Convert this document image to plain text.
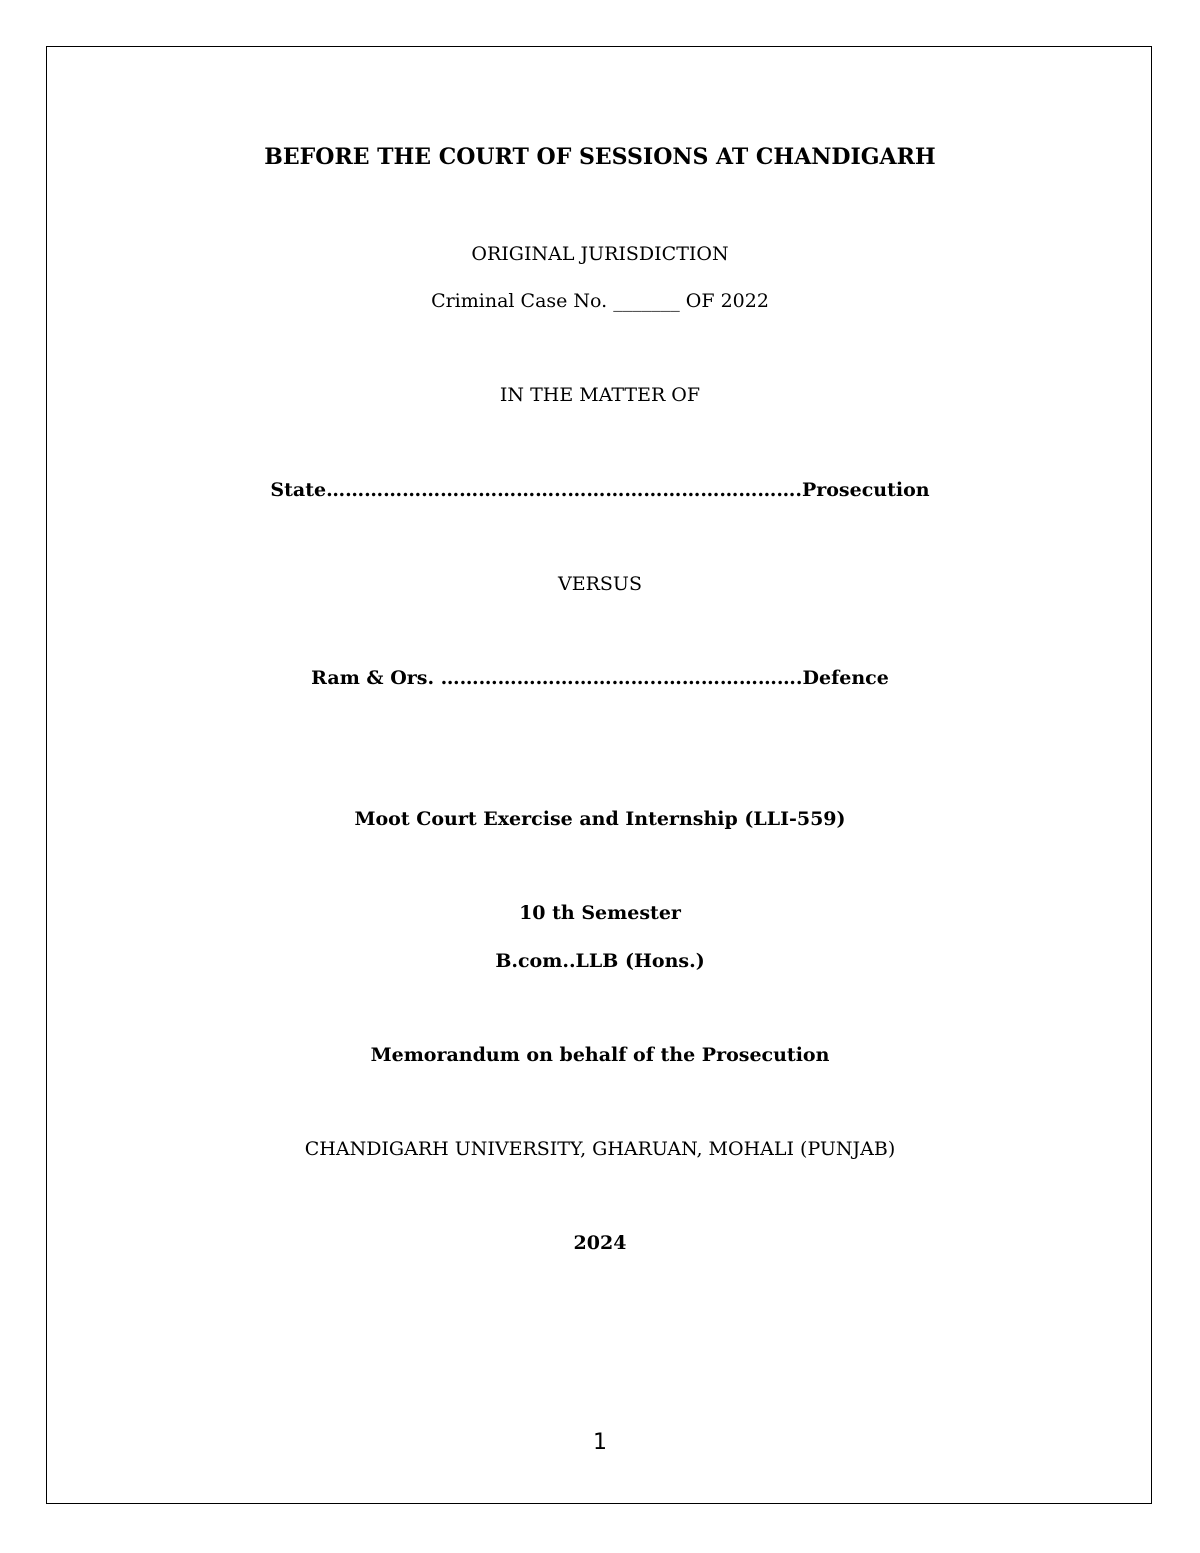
BEFORE THE COURT OF SESSIONS AT CHANDIGARH
ORIGINAL JURISDICTION
Criminal Case No. _______ OF 2022
IN THE MATTER OF
State………………………………..……………………………….Prosecution
VERSUS
Ram & Ors. ……………………………..………………….Defence
Moot Court Exercise and Internship (LLI-559)
10 th Semester
B.com..LLB (Hons.)
Memorandum on behalf of the Prosecution
CHANDIGARH UNIVERSITY, GHARUAN, MOHALI (PUNJAB)
2024
1
